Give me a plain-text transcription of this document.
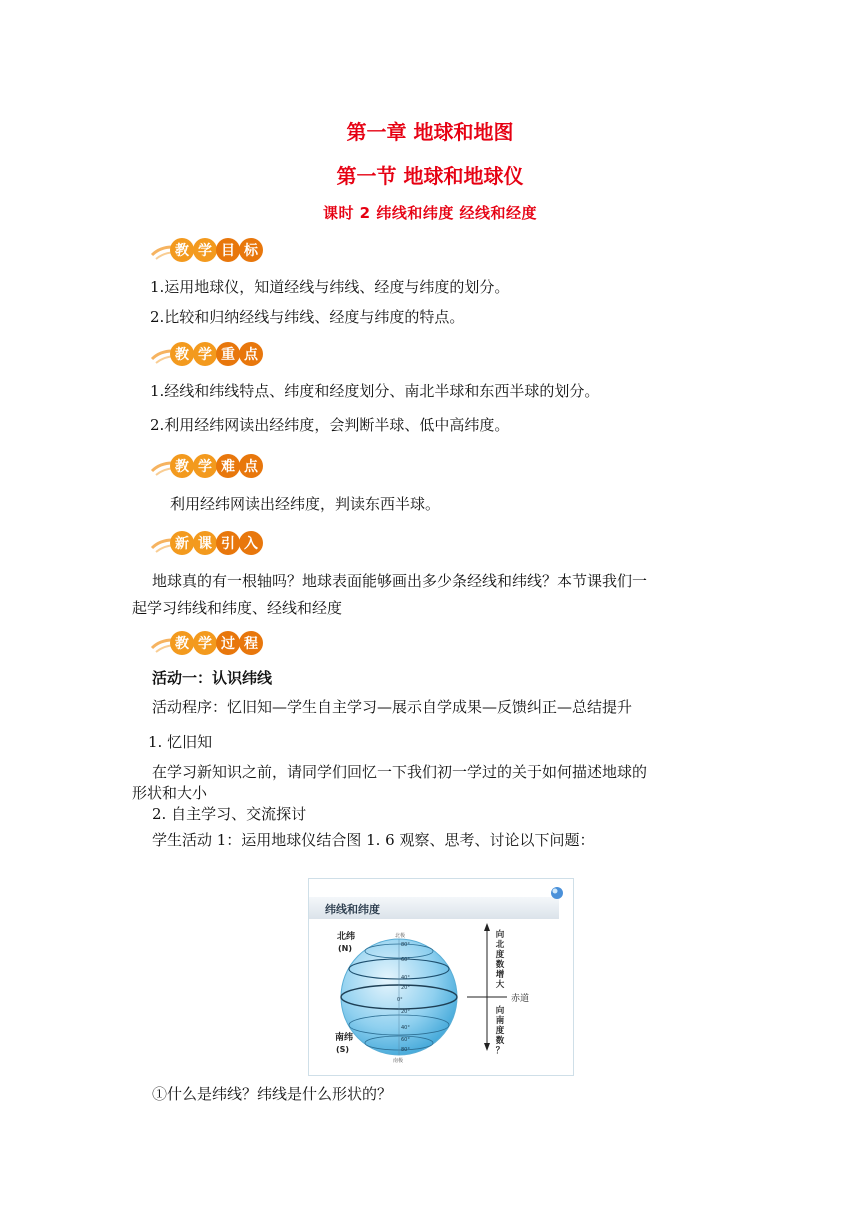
第一章 地球和地图
第一节 地球和地球仪
课时 2 纬线和纬度 经线和经度
教 学 目 标
1.运用地球仪，知道经线与纬线、经度与纬度的划分。
2.比较和归纳经线与纬线、经度与纬度的特点。
教 学 重 点
1.经线和纬线特点、纬度和经度划分、南北半球和东西半球的划分。
2.利用经纬网读出经纬度，会判断半球、低中高纬度。
教 学 难 点
利用经纬网读出经纬度，判读东西半球。
新 课 引 入
地球真的有一根轴吗？地球表面能够画出多少条经线和纬线？本节课我们一
起学习纬线和纬度、经线和经度
教 学 过 程
活动一：认识纬线
活动程序：忆旧知—学生自主学习—展示自学成果—反馈纠正—总结提升
1. 忆旧知
在学习新知识之前，请同学们回忆一下我们初一学过的关于如何描述地球的
形状和大小
2. 自主学习、交流探讨
学生活动 1：运用地球仪结合图 1. 6 观察、思考、讨论以下问题：
纬线和纬度
北极
南极
80°
60°
40°
20°
0°
20°
40°
60°
80°
北纬
(N)
南纬
(S)
赤道
向
北
度
数
增
大
向
南
度
数
？
①什么是纬线？纬线是什么形状的？
